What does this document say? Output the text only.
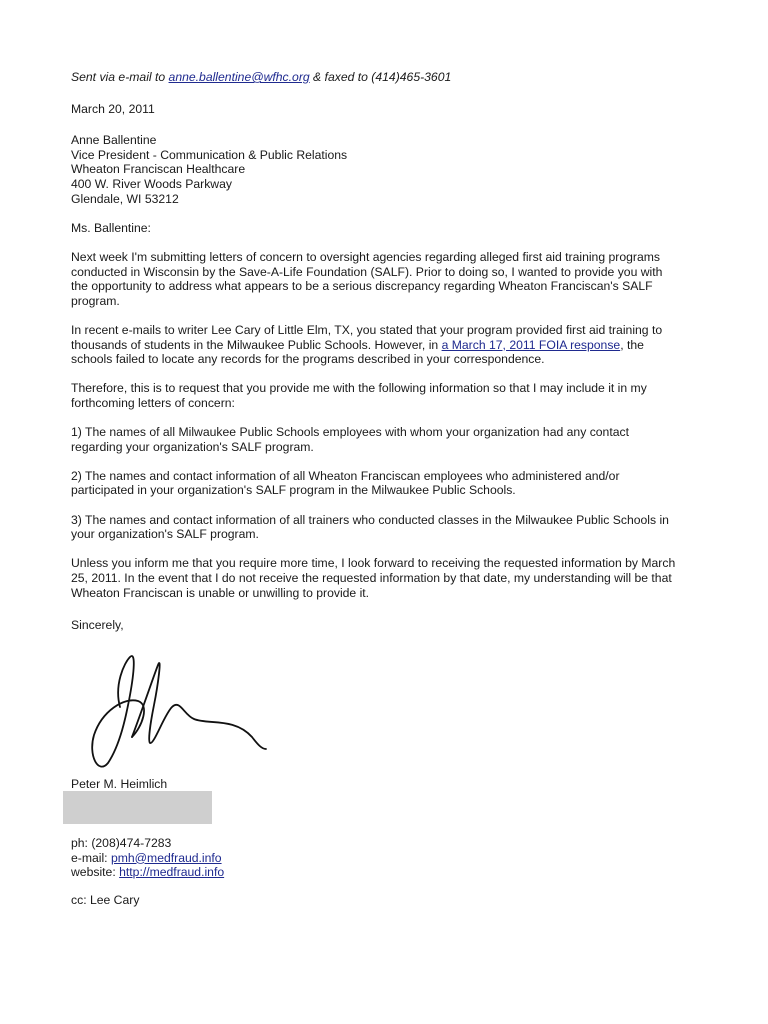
Sent via e-mail to anne.ballentine@wfhc.org & faxed to (414)465-3601
March 20, 2011
Anne Ballentine
Vice President - Communication & Public Relations
Wheaton Franciscan Healthcare
400 W. River Woods Parkway
Glendale, WI 53212
Ms. Ballentine:
Next week I'm submitting letters of concern to oversight agencies regarding alleged first aid training programs
conducted in Wisconsin by the Save-A-Life Foundation (SALF). Prior to doing so, I wanted to provide you with
the opportunity to address what appears to be a serious discrepancy regarding Wheaton Franciscan's SALF
program.
In recent e-mails to writer Lee Cary of Little Elm, TX, you stated that your program provided first aid training to
thousands of students in the Milwaukee Public Schools. However, in a March 17, 2011 FOIA response, the
schools failed to locate any records for the programs described in your correspondence.
Therefore, this is to request that you provide me with the following information so that I may include it in my
forthcoming letters of concern:
1) The names of all Milwaukee Public Schools employees with whom your organization had any contact
regarding your organization's SALF program.
2) The names and contact information of all Wheaton Franciscan employees who administered and/or
participated in your organization's SALF program in the Milwaukee Public Schools.
3) The names and contact information of all trainers who conducted classes in the Milwaukee Public Schools in
your organization's SALF program.
Unless you inform me that you require more time, I look forward to receiving the requested information by March
25, 2011. In the event that I do not receive the requested information by that date, my understanding will be that
Wheaton Franciscan is unable or unwilling to provide it.
Sincerely,
Peter M. Heimlich
ph: (208)474-7283
e-mail: pmh@medfraud.info
website: http://medfraud.info
cc: Lee Cary
